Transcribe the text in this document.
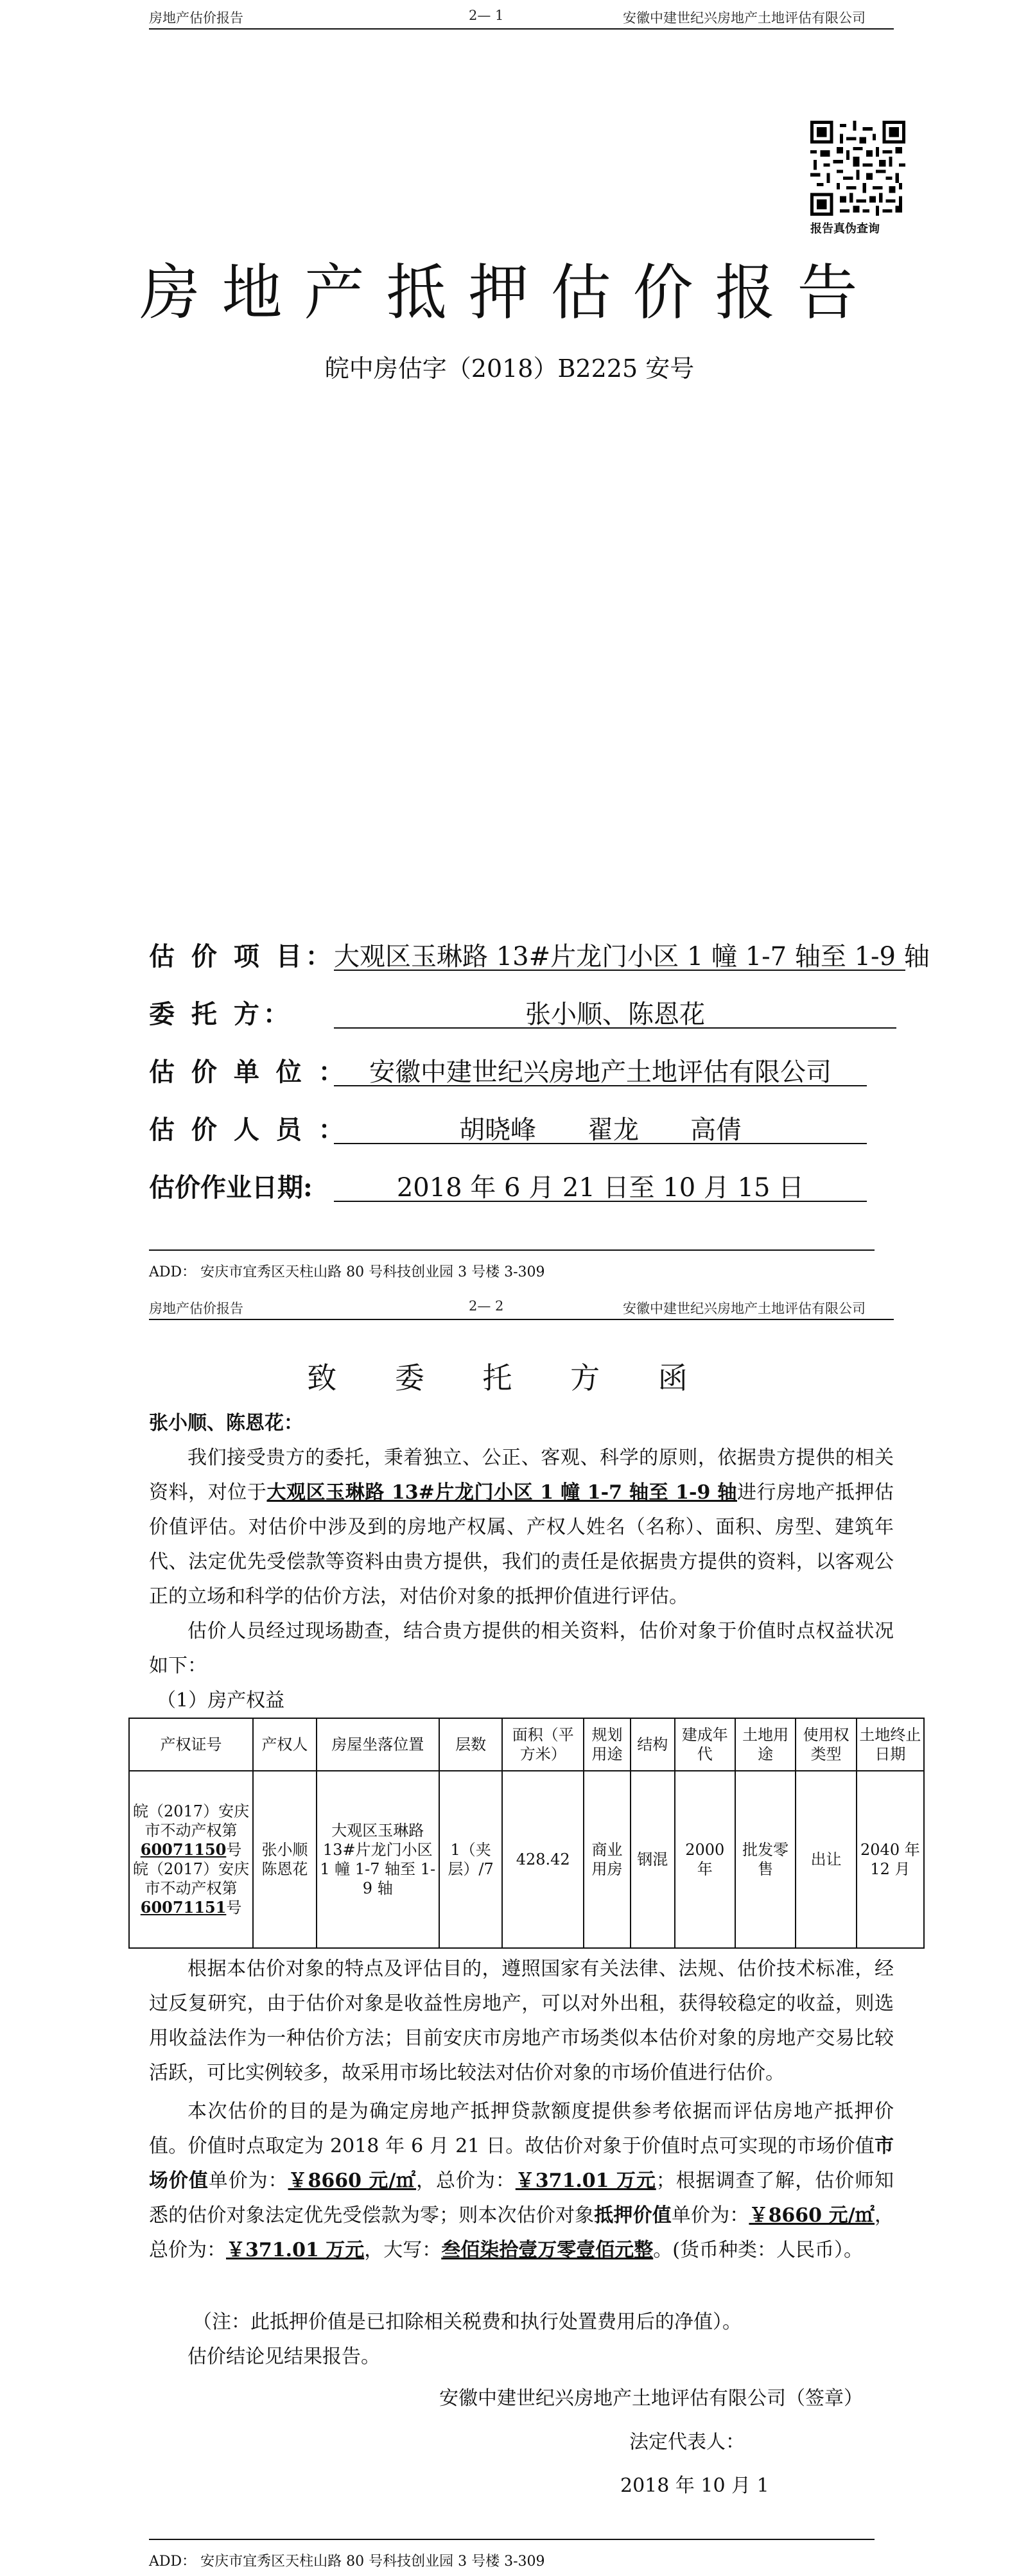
房地产估价报告	2— 1	安徽中建世纪兴房地产土地评估有限公司
报告真伪查询
房地产抵押估价报告
皖中房估字（2018）B2225 安号
估 价 项 目：
大观区玉琳路 13#片龙门小区 1 幢 1-7 轴至 1-9 轴
委 托 方：	张小顺、陈恩花
估 价 单 位 ： 安徽中建世纪兴房地产土地评估有限公司
估 价 人 员 ：	胡晓峰　　翟龙　　高倩
估价作业日期:	2018 年 6 月 21 日至 10 月 15 日
ADD： 安庆市宜秀区天柱山路 80 号科技创业园 3 号楼 3-309
房地产估价报告	2— 2	安徽中建世纪兴房地产土地评估有限公司
致 委 托 方 函
张小顺、陈恩花：
我们接受贵方的委托，秉着独立、公正、客观、科学的原则，依据贵方提供的相关资料，对位于大观区玉琳路 13#片龙门小区 1 幢 1-7 轴至 1-9 轴进行房地产抵押估价值评估。对估价中涉及到的房地产权属、产权人姓名（名称）、面积、房型、建筑年代、法定优先受偿款等资料由贵方提供，我们的责任是依据贵方提供的资料，以客观公正的立场和科学的估价方法，对估价对象的抵押价值进行评估。
估价人员经过现场勘查，结合贵方提供的相关资料，估价对象于价值时点权益状况如下：
（1）房产权益
产权证号	产权人	房屋坐落位置	层数	面积（平方米）	规划用途	结构	建成年代	土地用途	使用权类型	土地终止日期
皖（2017）安庆市不动产权第60071150号
皖（2017）安庆市不动产权第60071151号	张小顺陈恩花	大观区玉琳路 13#片龙门小区 1 幢 1-7 轴至 1-9 轴	1（夹层）/7	428.42	商业用房	钢混	2000 年	批发零售	出让	2040 年 12 月
根据本估价对象的特点及评估目的，遵照国家有关法律、法规、估价技术标准，经过反复研究，由于估价对象是收益性房地产，可以对外出租，获得较稳定的收益，则选用收益法作为一种估价方法；目前安庆市房地产市场类似本估价对象的房地产交易比较活跃，可比实例较多，故采用市场比较法对估价对象的市场价值进行估价。
本次估价的目的是为确定房地产抵押贷款额度提供参考依据而评估房地产抵押价值。价值时点取定为 2018 年 6 月 21 日。故估价对象于价值时点可实现的市场价值市场价值单价为：￥8660 元/㎡，总价为：￥371.01 万元；根据调查了解，估价师知悉的估价对象法定优先受偿款为零；则本次估价对象抵押价值单价为：￥8660 元/㎡，总价为：￥371.01 万元，大写：叁佰柒拾壹万零壹佰元整。(货币种类：人民币）。
（注：此抵押价值是已扣除相关税费和执行处置费用后的净值）。
估价结论见结果报告。
安徽中建世纪兴房地产土地评估有限公司（签章）
法定代表人：
2018 年 10 月 1
ADD： 安庆市宜秀区天柱山路 80 号科技创业园 3 号楼 3-309
